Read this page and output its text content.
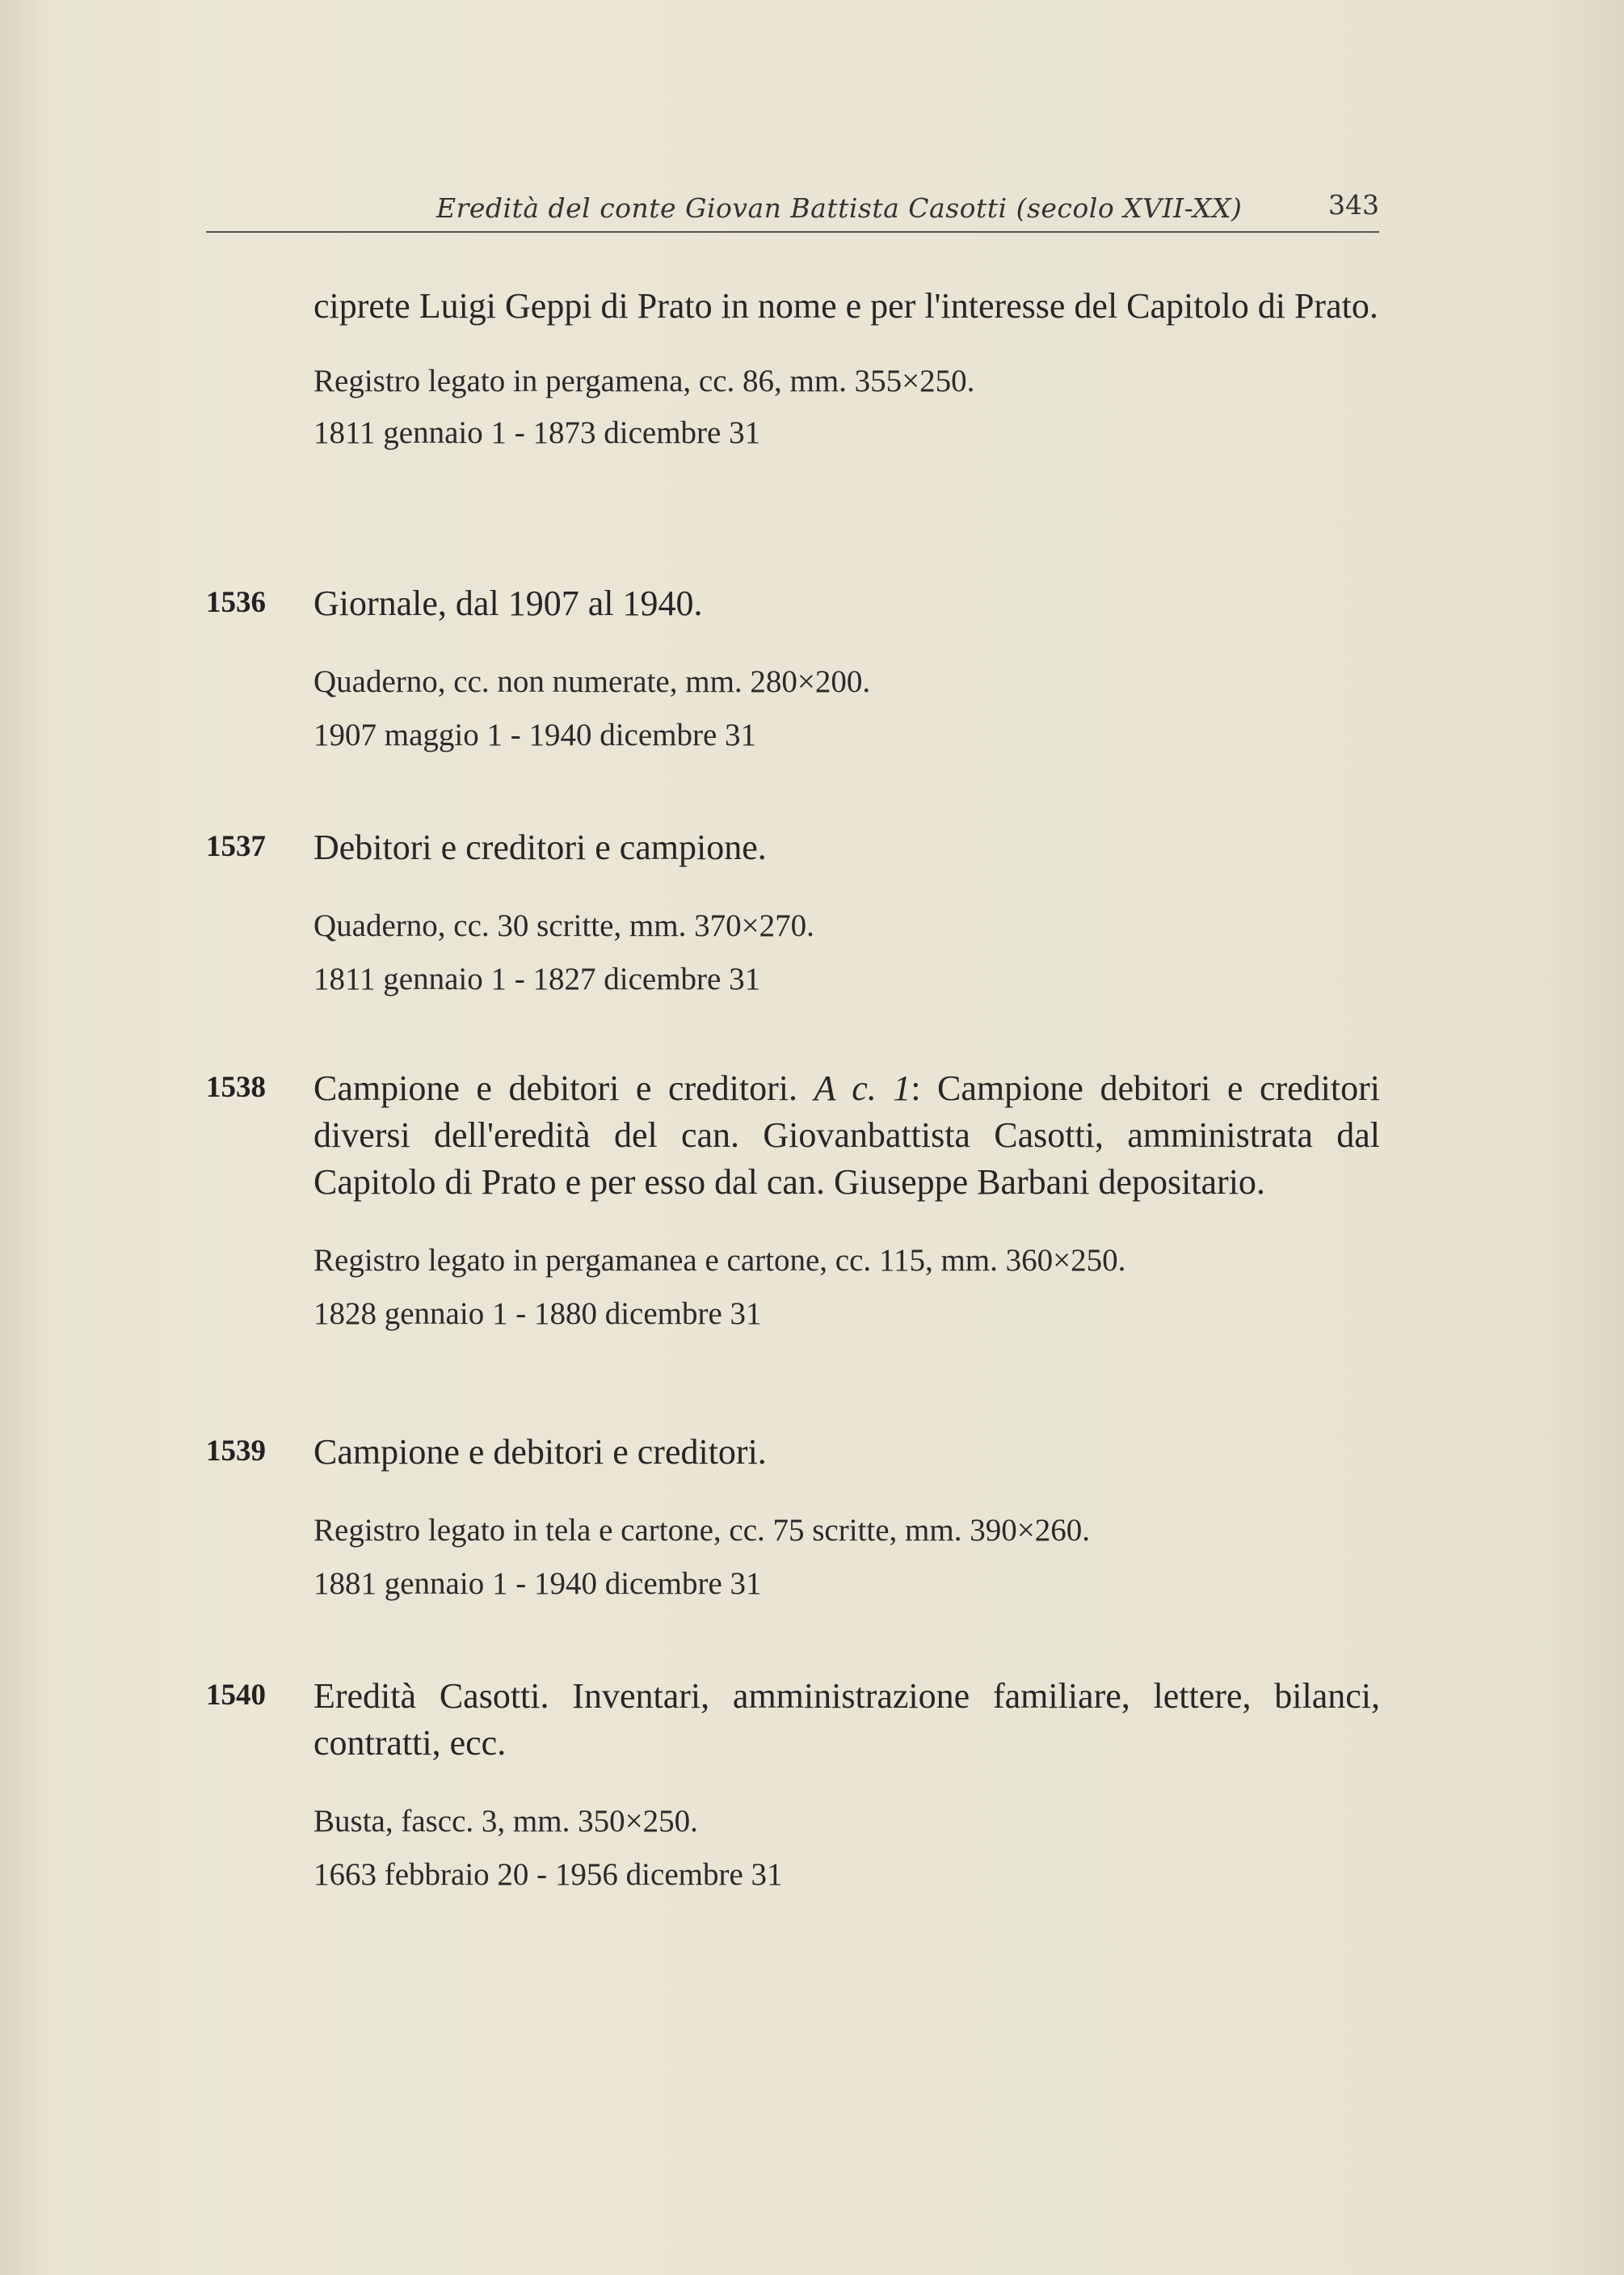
Eredità del conte Giovan Battista Casotti (secolo XVII-XX)	343
ciprete Luigi Geppi di Prato in nome e per l'interesse del Capitolo di Prato.
Registro legato in pergamena, cc. 86, mm. 355×250.
1811 gennaio 1 - 1873 dicembre 31
1536 Giornale, dal 1907 al 1940.
Quaderno, cc. non numerate, mm. 280×200.
1907 maggio 1 - 1940 dicembre 31
1537 Debitori e creditori e campione.
Quaderno, cc. 30 scritte, mm. 370×270.
1811 gennaio 1 - 1827 dicembre 31
1538 Campione e debitori e creditori. A c. 1: Campione debitori e creditori diversi dell'eredità del can. Giovanbattista Casotti, amministrata dal Capitolo di Prato e per esso dal can. Giuseppe Barbani depositario.
Registro legato in pergamanea e cartone, cc. 115, mm. 360×250.
1828 gennaio 1 - 1880 dicembre 31
1539 Campione e debitori e creditori.
Registro legato in tela e cartone, cc. 75 scritte, mm. 390×260.
1881 gennaio 1 - 1940 dicembre 31
1540 Eredità Casotti. Inventari, amministrazione familiare, lettere, bilanci, contratti, ecc.
Busta, fascc. 3, mm. 350×250.
1663 febbraio 20 - 1956 dicembre 31
